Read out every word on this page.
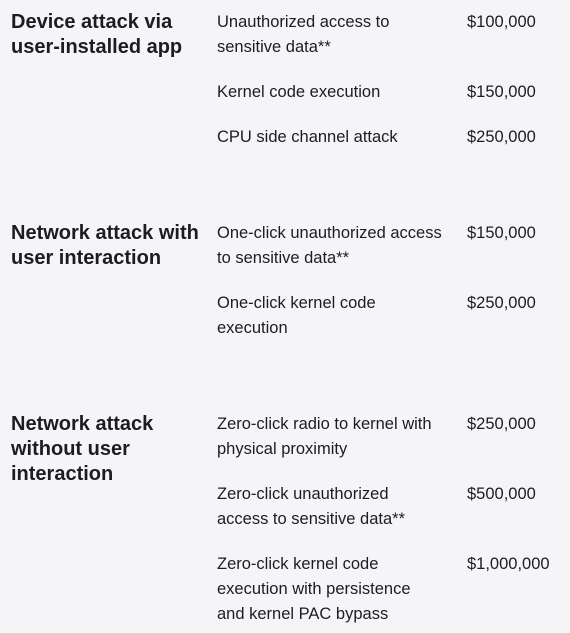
Device attack via user-installed app
Unauthorized access to sensitive data**
$100,000
Kernel code execution	$150,000
CPU side channel attack	$250,000
Network attack with user interaction
One-click unauthorized access to sensitive data**
$150,000
One-click kernel code execution
$250,000
Network attack without user interaction
Zero-click radio to kernel with physical proximity
$250,000
Zero-click unauthorized access to sensitive data**
$500,000
Zero-click kernel code execution with persistence and kernel PAC bypass
$1,000,000
